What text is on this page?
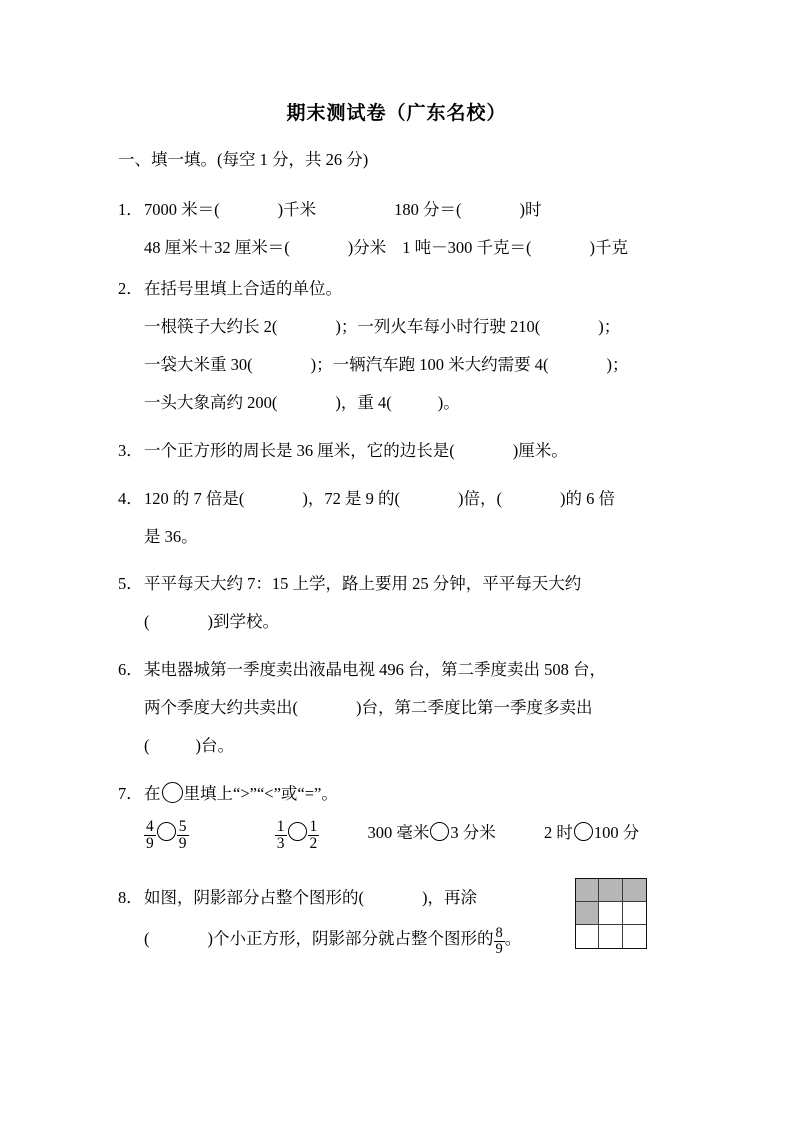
期末测试卷（广东名校）
一、填一填。(每空 1 分，共 26 分)
1． 7000 米＝(	)千米	180 分＝(	)时
48 厘米＋32 厘米＝(	)分米 1 吨－300 千克＝(	)千克
2． 在括号里填上合适的单位。
一根筷子大约长 2(	)；一列火车每小时行驶 210(	)；
一袋大米重 30(	)；一辆汽车跑 100 米大约需要 4(	)；
一头大象高约 200(	)，重 4(	)。
3． 一个正方形的周长是 36 厘米，它的边长是(	)厘米。
4． 120 的 7 倍是(	)，72 是 9 的(	)倍，(	)的 6 倍
是 36。
5． 平平每天大约 7：15 上学，路上要用 25 分钟，平平每天大约
(	)到学校。
6． 某电器城第一季度卖出液晶电视 496 台，第二季度卖出 508 台，
两个季度大约共卖出(	)台，第二季度比第一季度多卖出
(	)台。
7． 在 里填上“>”“<”或“=”。
$\frac{4}{9} \frac{5}{9}$
	$\frac{1}{3} \frac{1}{2}$	300 毫米 3 分米	2 时 100 分
8． 如图，阴影部分占整个图形的(	)，再涂
(	)个小正方形，阴影部分就占整个图形的 $\frac{8}{9}$ 。
